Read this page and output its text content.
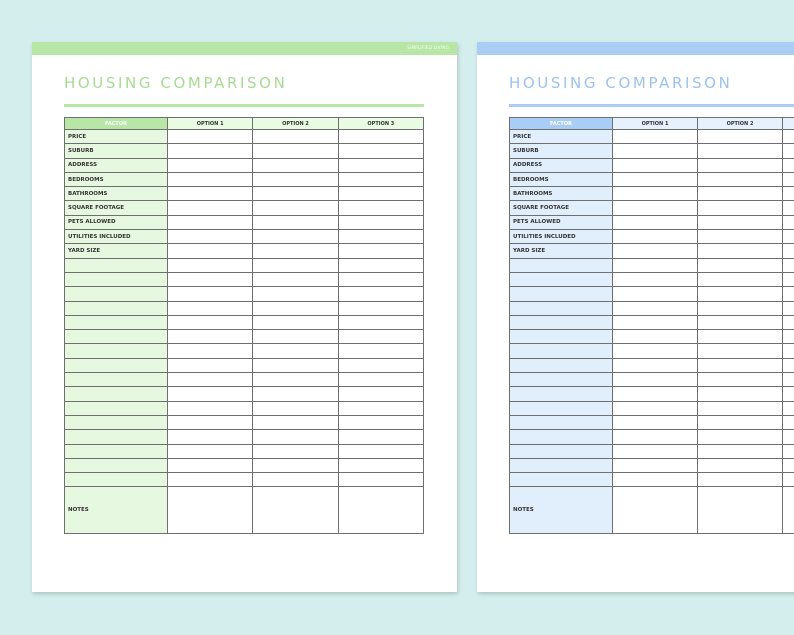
SIMPLIFIED LIVING
HOUSING COMPARISON
FACTOR	OPTION 1	OPTION 2	OPTION 3
PRICE			
SUBURB			
ADDRESS			
BEDROOMS			
BATHROOMS			
SQUARE FOOTAGE			
PETS ALLOWED			
UTILITIES INCLUDED			
YARD SIZE			

NOTES			
HOUSING COMPARISON
FACTOR	OPTION 1	OPTION 2	
PRICE			
SUBURB			
ADDRESS			
BEDROOMS			
BATHROOMS			
SQUARE FOOTAGE			
PETS ALLOWED			
UTILITIES INCLUDED			
YARD SIZE			

NOTES			
